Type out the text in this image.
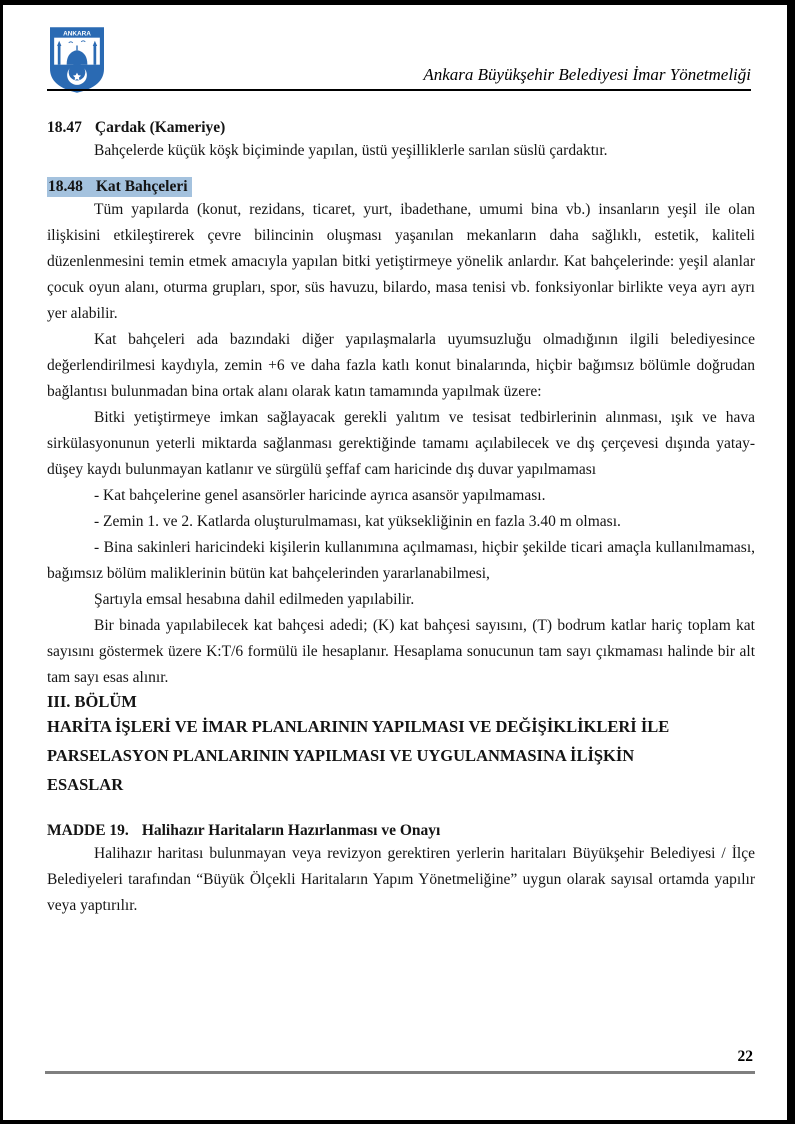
ANKARA
Ankara Büyükşehir Belediyesi İmar Yönetmeliği
18.47 Çardak (Kameriye)

Bahçelerde küçük köşk biçiminde yapılan, üstü yeşilliklerle sarılan süslü çardaktır.

18.48 Kat Bahçeleri

Tüm yapılarda (konut, rezidans, ticaret, yurt, ibadethane, umumi bina vb.) insanların yeşil ile olan ilişkisini etkileştirerek çevre bilincinin oluşması yaşanılan mekanların daha sağlıklı, estetik, kaliteli düzenlenmesini temin etmek amacıyla yapılan bitki yetiştirmeye yönelik anlardır. Kat bahçelerinde: yeşil alanlar çocuk oyun alanı, oturma grupları, spor, süs havuzu, bilardo, masa tenisi vb. fonksiyonlar birlikte veya ayrı ayrı yer alabilir.

Kat bahçeleri ada bazındaki diğer yapılaşmalarla uyumsuzluğu olmadığının ilgili belediyesince değerlendirilmesi kaydıyla, zemin +6 ve daha fazla katlı konut binalarında, hiçbir bağımsız bölümle doğrudan bağlantısı bulunmadan bina ortak alanı olarak katın tamamında yapılmak üzere:

Bitki yetiştirmeye imkan sağlayacak gerekli yalıtım ve tesisat tedbirlerinin alınması, ışık ve hava sirkülasyonunun yeterli miktarda sağlanması gerektiğinde tamamı açılabilecek ve dış çerçevesi dışında yatay-düşey kaydı bulunmayan katlanır ve sürgülü şeffaf cam haricinde dış duvar yapılmaması

- Kat bahçelerine genel asansörler haricinde ayrıca asansör yapılmaması.

- Zemin 1. ve 2. Katlarda oluşturulmaması, kat yüksekliğinin en fazla 3.40 m olması.

- Bina sakinleri haricindeki kişilerin kullanımına açılmaması, hiçbir şekilde ticari amaçla kullanılmaması, bağımsız bölüm maliklerinin bütün kat bahçelerinden yararlanabilmesi,

Şartıyla emsal hesabına dahil edilmeden yapılabilir.

Bir binada yapılabilecek kat bahçesi adedi; (K) kat bahçesi sayısını, (T) bodrum katlar hariç toplam kat sayısını göstermek üzere K:T/6 formülü ile hesaplanır. Hesaplama sonucunun tam sayı çıkmaması halinde bir alt tam sayı esas alınır.

III. BÖLÜM
HARİTA İŞLERİ VE İMAR PLANLARININ YAPILMASI VE DEĞİŞİKLİKLERİ İLE PARSELASYON PLANLARININ YAPILMASI VE UYGULANMASINA İLİŞKİN ESASLAR
MADDE 19. Halihazır Haritaların Hazırlanması ve Onayı

Halihazır haritası bulunmayan veya revizyon gerektiren yerlerin haritaları Büyükşehir Belediyesi / İlçe Belediyeleri tarafından “Büyük Ölçekli Haritaların Yapım Yönetmeliğine” uygun olarak sayısal ortamda yapılır veya yaptırılır.

22
